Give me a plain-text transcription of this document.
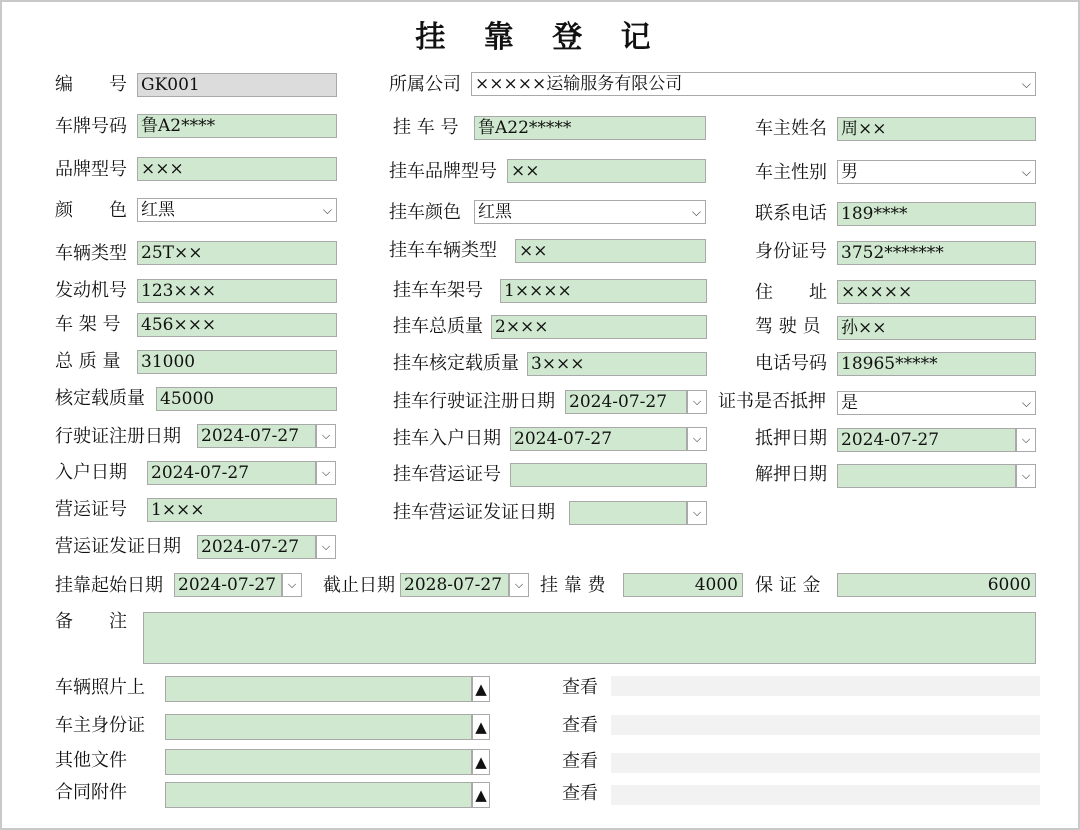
挂 靠 登 记
编　　号 GK001	所属公司 ×××××运输服务有限公司	⌵
车牌号码 鲁A2****	挂 车 号 鲁A22*****	车主姓名 周××
品牌型号 ×××	挂车品牌型号 ××	车主性别 男	⌵
颜　　色 红黑	⌵	挂车颜色 红黑	⌵	联系电话 189****
车辆类型 25T××	挂车车辆类型 ××	身份证号 3752*******
发动机号 123×××	挂车车架号 1××××	住　　址 ×××××
车 架 号 456×××	挂车总质量 2×××	驾 驶 员 孙××
总 质 量 31000	挂车核定载质量 3×××	电话号码 18965*****
核定载质量 45000	挂车行驶证注册日期 2024-07-27	⌵ 证书是否抵押 是	⌵
行驶证注册日期 2024-07-27	⌵	挂车入户日期 2024-07-27	⌵	抵押日期 2024-07-27	⌵
入户日期 2024-07-27	⌵	挂车营运证号	解押日期	⌵
营运证号 1×××	挂车营运证发证日期	⌵
营运证发证日期 2024-07-27	⌵
挂靠起始日期 2024-07-27	⌵	截止日期 2028-07-27	⌵ 挂 靠 费	4000 保 证 金	6000
备　　注
车辆照片上	▲	查看
车主身份证	▲	查看
其他文件	▲	查看
合同附件	▲	查看
